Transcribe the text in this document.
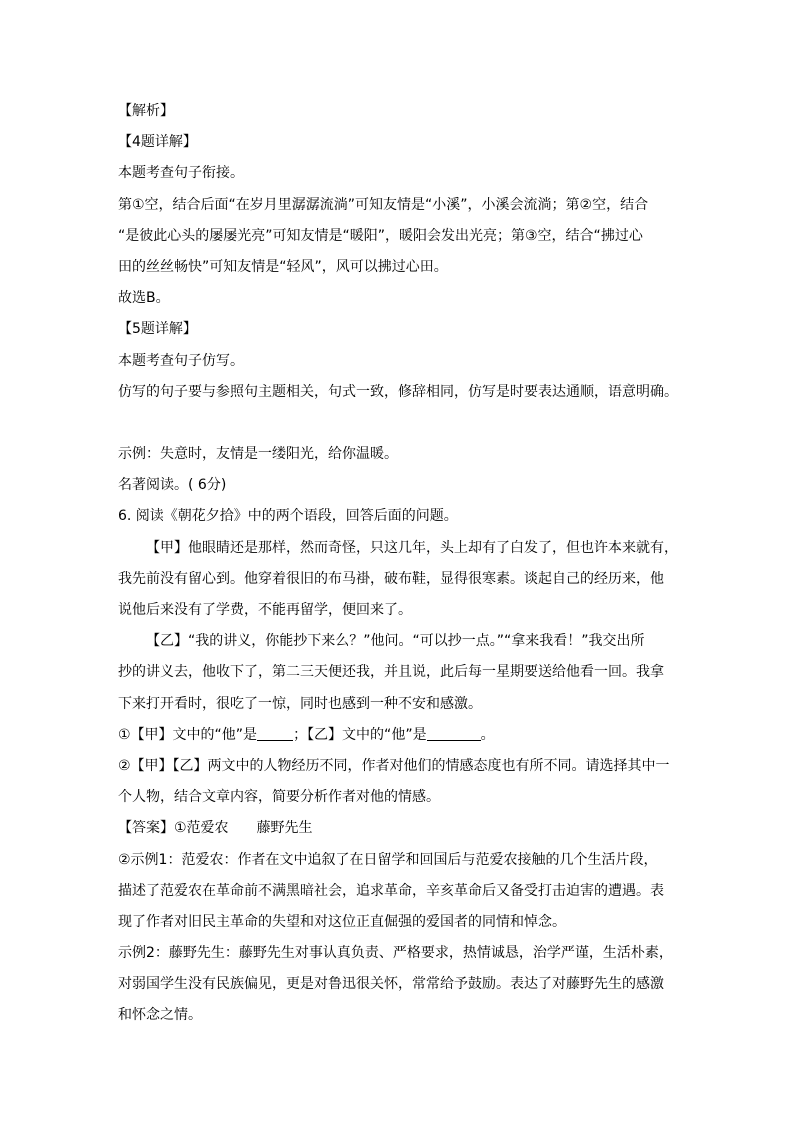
【解析】
【4题详解】
本题考查句子衔接。
第①空，结合后面“在岁月里潺潺流淌”可知友情是“小溪”，小溪会流淌；第②空，结合
“是彼此心头的屡屡光亮”可知友情是“暖阳”，暖阳会发出光亮；第③空，结合“拂过心
田的丝丝畅快”可知友情是“轻风”，风可以拂过心田。
故选B。
【5题详解】
本题考查句子仿写。
仿写的句子要与参照句主题相关，句式一致，修辞相同，仿写是时要表达通顺，语意明确。
示例：失意时，友情是一缕阳光，给你温暖。
名著阅读。( 6分)
6. 阅读《朝花夕拾》中的两个语段，回答后面的问题。
【甲】他眼睛还是那样，然而奇怪，只这几年，头上却有了白发了，但也许本来就有，
我先前没有留心到。他穿着很旧的布马褂，破布鞋，显得很寒素。谈起自己的经历来，他
说他后来没有了学费，不能再留学，便回来了。
【乙】“我的讲义，你能抄下来么？”他问。“可以抄一点。”“拿来我看！”我交出所
抄的讲义去，他收下了，第二三天便还我，并且说，此后每一星期要送给他看一回。我拿
下来打开看时，很吃了一惊，同时也感到一种不安和感激。
①【甲】文中的“他”是	；【乙】文中的“他”是	。
②【甲】【乙】两文中的人物经历不同，作者对他们的情感态度也有所不同。请选择其中一
个人物，结合文章内容，简要分析作者对他的情感。
【答案】①范爱农 藤野先生
②示例1：范爱农：作者在文中追叙了在日留学和回国后与范爱农接触的几个生活片段，
描述了范爱农在革命前不满黑暗社会，追求革命，辛亥革命后又备受打击迫害的遭遇。表
现了作者对旧民主革命的失望和对这位正直倔强的爱国者的同情和悼念。
示例2：藤野先生：藤野先生对事认真负责、严格要求，热情诚恳，治学严谨，生活朴素，
对弱国学生没有民族偏见，更是对鲁迅很关怀，常常给予鼓励。表达了对藤野先生的感激
和怀念之情。
